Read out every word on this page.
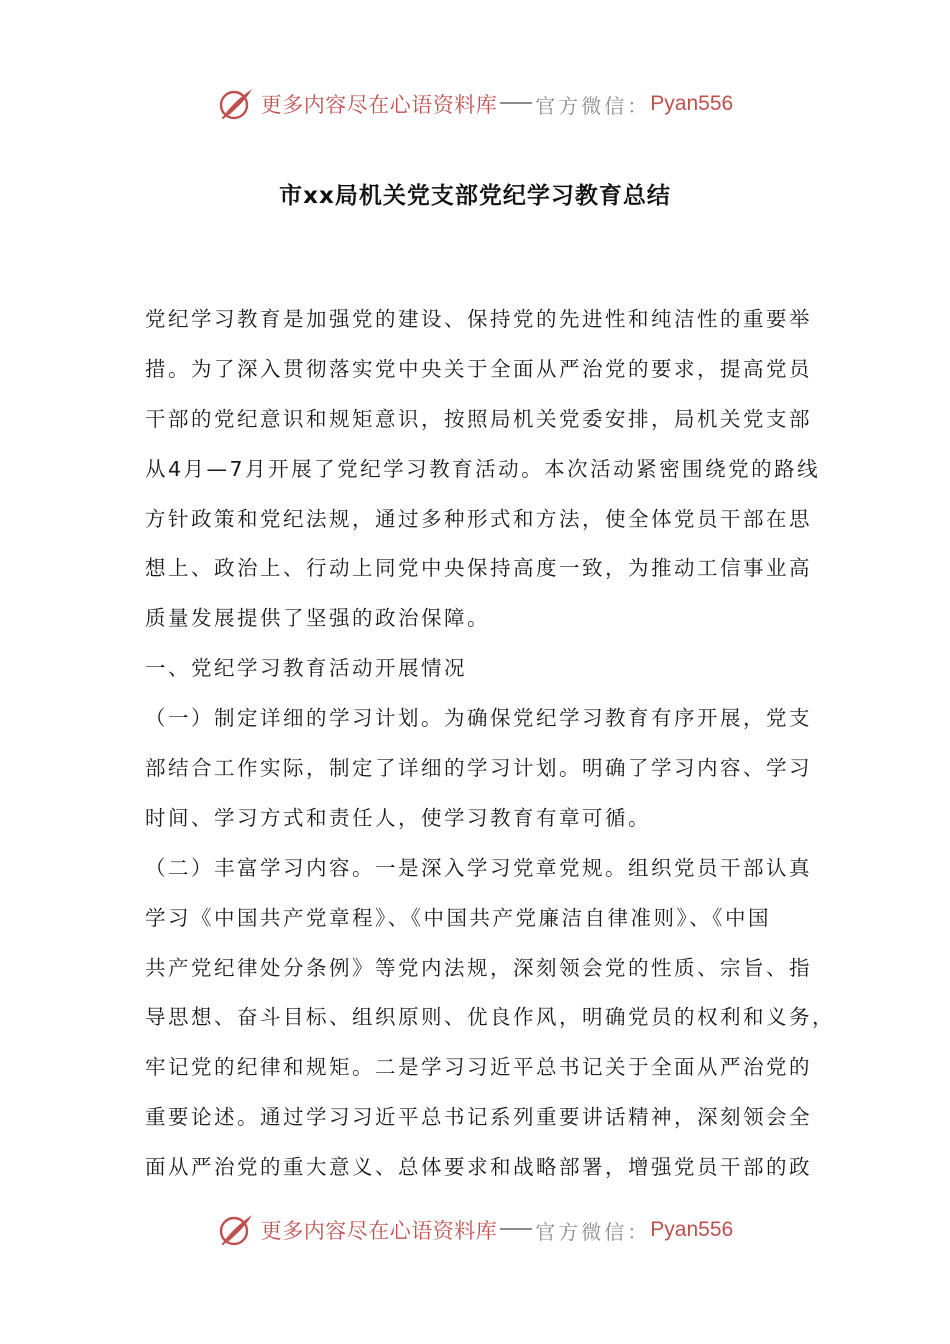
更多内容尽在心语资料库 官方微信： Pyan556
市xx局机关党支部党纪学习教育总结
党纪学习教育是加强党的建设、保持党的先进性和纯洁性的重要举
措。为了深入贯彻落实党中央关于全面从严治党的要求，提高党员
干部的党纪意识和规矩意识，按照局机关党委安排，局机关党支部
从4月—7月开展了党纪学习教育活动。本次活动紧密围绕党的路线
方针政策和党纪法规，通过多种形式和方法，使全体党员干部在思
想上、政治上、行动上同党中央保持高度一致，为推动工信事业高
质量发展提供了坚强的政治保障。
一、党纪学习教育活动开展情况
（一）制定详细的学习计划。为确保党纪学习教育有序开展，党支
部结合工作实际，制定了详细的学习计划。明确了学习内容、学习
时间、学习方式和责任人，使学习教育有章可循。
（二）丰富学习内容。一是深入学习党章党规。组织党员干部认真
学习《中国共产党章程》、《中国共产党廉洁自律准则》、《中国
共产党纪律处分条例》等党内法规，深刻领会党的性质、宗旨、指
导思想、奋斗目标、组织原则、优良作风，明确党员的权利和义务，
牢记党的纪律和规矩。二是学习习近平总书记关于全面从严治党的
重要论述。通过学习习近平总书记系列重要讲话精神，深刻领会全
面从严治党的重大意义、总体要求和战略部署，增强党员干部的政
更多内容尽在心语资料库 官方微信： Pyan556
